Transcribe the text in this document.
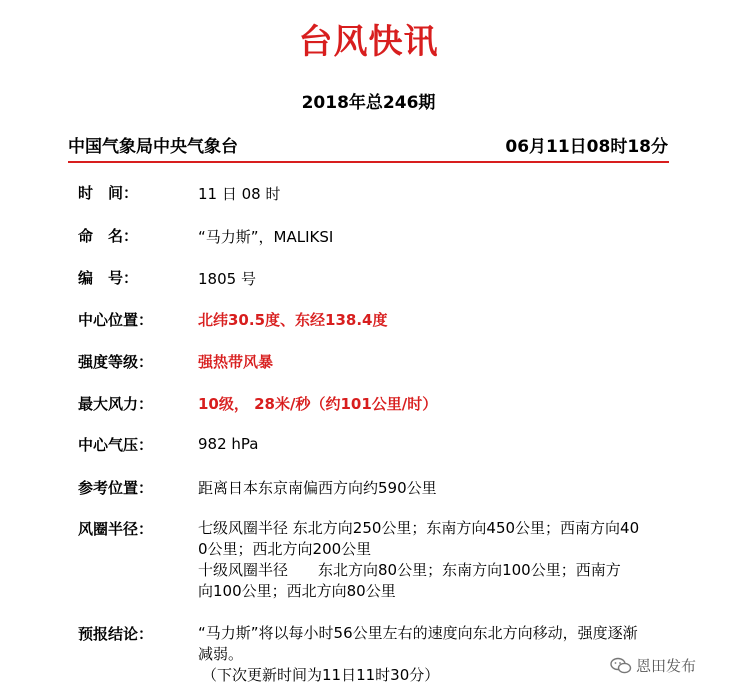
台风快讯
2018年总246期
中国气象局中央气象台	06月11日08时18分
时　间：	11 日 08 时
命　名：	“马力斯”，MALIKSI
编　号：	1805 号
中心位置：	北纬30.5度、东经138.4度
强度等级：	强热带风暴
最大风力：	10级， 28米/秒（约101公里/时）
中心气压：	982 hPa
参考位置：	距离日本东京南偏西方向约590公里
风圈半径：	七级风圈半径 东北方向250公里；东南方向450公里；西南方向40
0公里；西北方向200公里
十级风圈半径　　东北方向80公里；东南方向100公里；西南方
向100公里；西北方向80公里
预报结论：	“马力斯”将以每小时56公里左右的速度向东北方向移动，强度逐渐
减弱。
（下次更新时间为11日11时30分）	恩田发布
